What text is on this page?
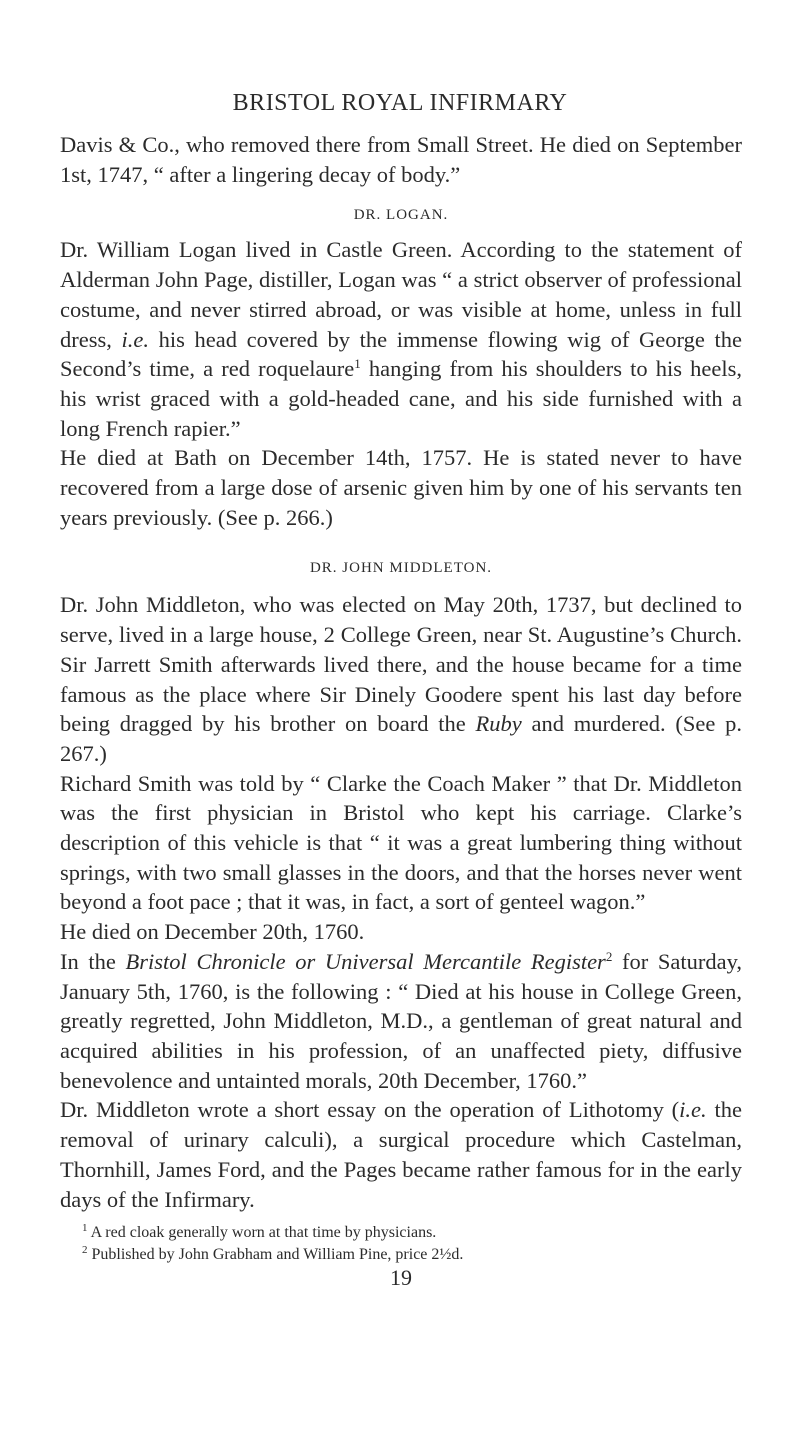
BRISTOL ROYAL INFIRMARY

Davis & Co., who removed there from Small Street. He died on September 1st, 1747, “ after a lingering decay of body.”

DR. LOGAN.

Dr. William Logan lived in Castle Green. According to the statement of Alderman John Page, distiller, Logan was “ a strict observer of professional costume, and never stirred abroad, or was visible at home, unless in full dress, i.e. his head covered by the immense flowing wig of George the Second’s time, a red roquelaure$^1$ hanging from his shoulders to his heels, his wrist graced with a gold-headed cane, and his side furnished with a long French rapier.”

He died at Bath on December 14th, 1757. He is stated never to have recovered from a large dose of arsenic given him by one of his servants ten years previously. (See p. 266.)

DR. JOHN MIDDLETON.

Dr. John Middleton, who was elected on May 20th, 1737, but declined to serve, lived in a large house, 2 College Green, near St. Augustine’s Church. Sir Jarrett Smith afterwards lived there, and the house became for a time famous as the place where Sir Dinely Goodere spent his last day before being dragged by his brother on board the Ruby and murdered. (See p. 267.)

Richard Smith was told by “ Clarke the Coach Maker ” that Dr. Middleton was the first physician in Bristol who kept his carriage. Clarke’s description of this vehicle is that “ it was a great lumbering thing without springs, with two small glasses in the doors, and that the horses never went beyond a foot pace ; that it was, in fact, a sort of genteel wagon.”

He died on December 20th, 1760.

In the Bristol Chronicle or Universal Mercantile Register$^2$ for Saturday, January 5th, 1760, is the following : “ Died at his house in College Green, greatly regretted, John Middleton, M.D., a gentleman of great natural and acquired abilities in his profession, of an unaffected piety, diffusive benevolence and untainted morals, 20th December, 1760.”

Dr. Middleton wrote a short essay on the operation of Lithotomy (i.e. the removal of urinary calculi), a surgical procedure which Castelman, Thornhill, James Ford, and the Pages became rather famous for in the early days of the Infirmary.

$^1$ A red cloak generally worn at that time by physicians.

$^2$ Published by John Grabham and William Pine, price 2½d.

19
